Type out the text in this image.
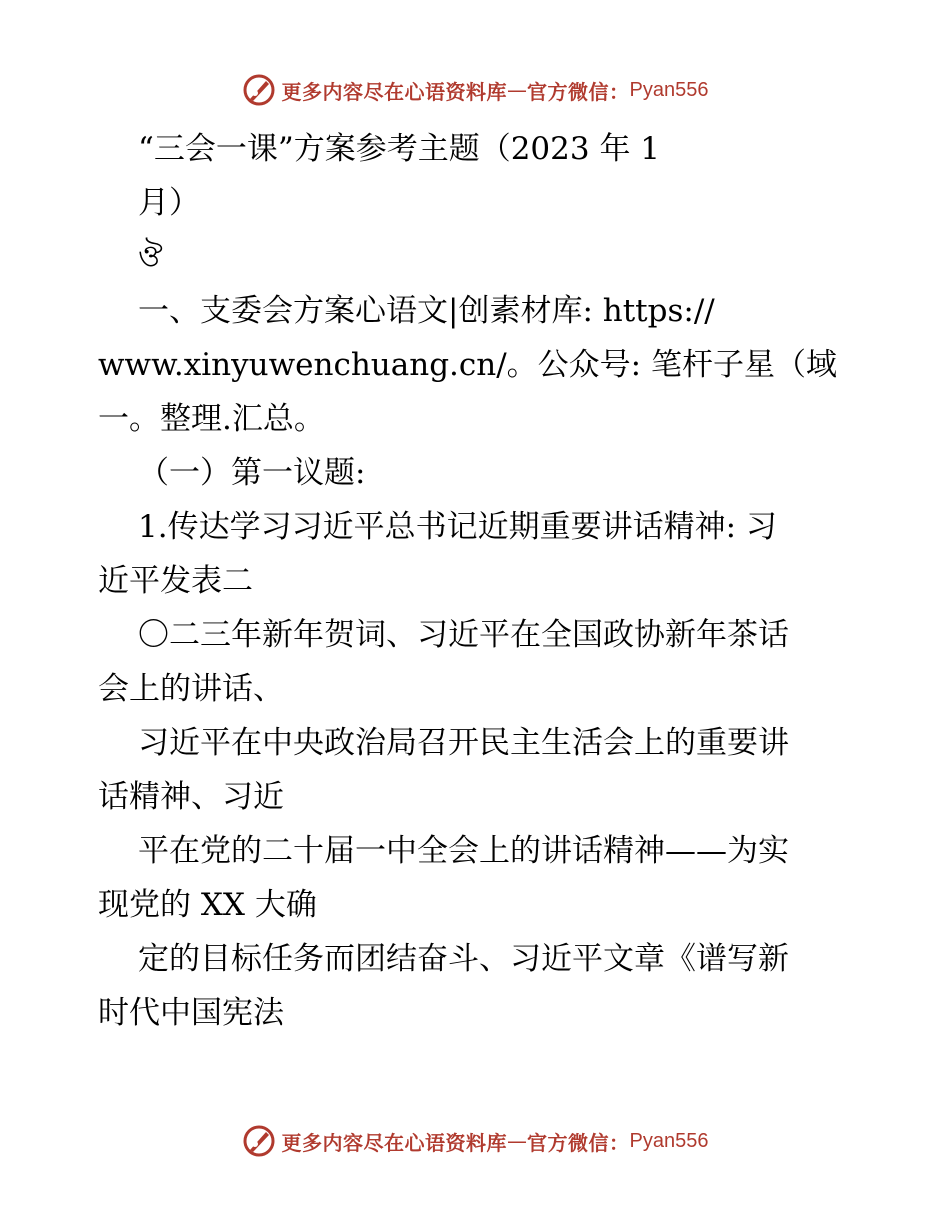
更多内容尽在心语资料库 — 官方微信： Pyan556
“三会一课”方案参考主题（2023 年 1
月）
ঔ
一、支委会方案心语文|创素材库: https://
www.xinyuwenchuang.cn/。公众号: 笔杆子星（域
一。整理.汇总。
（一）第一议题:
1.传达学习习近平总书记近期重要讲话精神: 习
近平发表二
〇二三年新年贺词、习近平在全国政协新年茶话
会上的讲话、
习近平在中央政治局召开民主生活会上的重要讲
话精神、习近
平在党的二十届一中全会上的讲话精神——为实
现党的 XX 大确
定的目标任务而团结奋斗、习近平文章《谱写新
时代中国宪法
更多内容尽在心语资料库 — 官方微信： Pyan556
